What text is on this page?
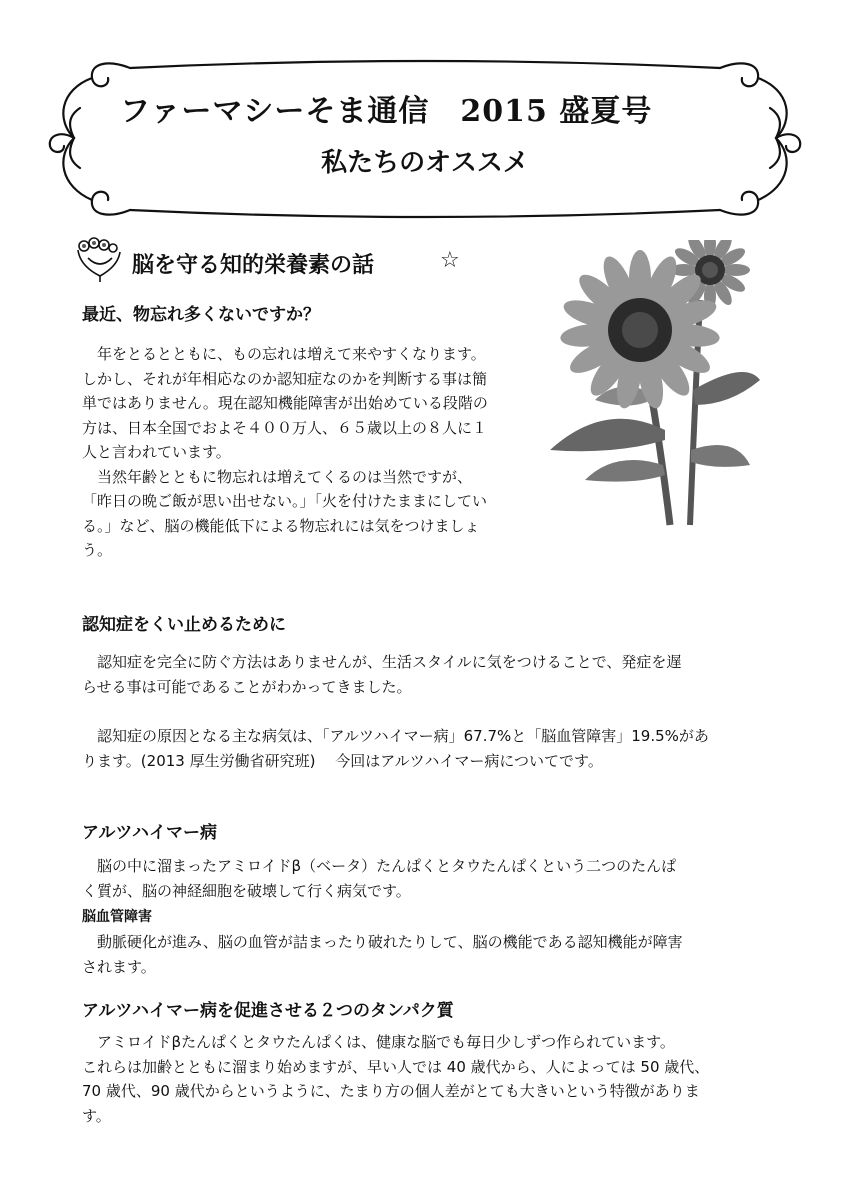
ファーマシーそま通信　2015 盛夏号
私たちのオススメ
脳を守る知的栄養素の話	☆
最近、物忘れ多くないですか？
　年をとるとともに、もの忘れは増えて来やすくなります。
しかし、それが年相応なのか認知症なのかを判断する事は簡
単ではありません。現在認知機能障害が出始めている段階の
方は、日本全国でおよそ４００万人、６５歳以上の８人に１
人と言われています。
　当然年齢とともに物忘れは増えてくるのは当然ですが、
「昨日の晩ご飯が思い出せない。」「火を付けたままにしてい
る。」など、脳の機能低下による物忘れには気をつけましょ
う。
認知症をくい止めるために
　認知症を完全に防ぐ方法はありませんが、生活スタイルに気をつけることで、発症を遅
らせる事は可能であることがわかってきました。
　認知症の原因となる主な病気は、「アルツハイマー病」67.7%と「脳血管障害」19.5%があ
ります。(2013 厚生労働省研究班)　 今回はアルツハイマー病についてです。
アルツハイマー病
　脳の中に溜まったアミロイドβ（ベータ）たんぱくとタウたんぱくという二つのたんぱ
く質が、脳の神経細胞を破壊して行く病気です。
脳血管障害
　動脈硬化が進み、脳の血管が詰まったり破れたりして、脳の機能である認知機能が障害
されます。
アルツハイマー病を促進させる２つのタンパク質
　アミロイドβたんぱくとタウたんぱくは、健康な脳でも毎日少しずつ作られています。
これらは加齢とともに溜まり始めますが、早い人では 40 歳代から、人によっては 50 歳代、
70 歳代、90 歳代からというように、たまり方の個人差がとても大きいという特徴がありま
す。
